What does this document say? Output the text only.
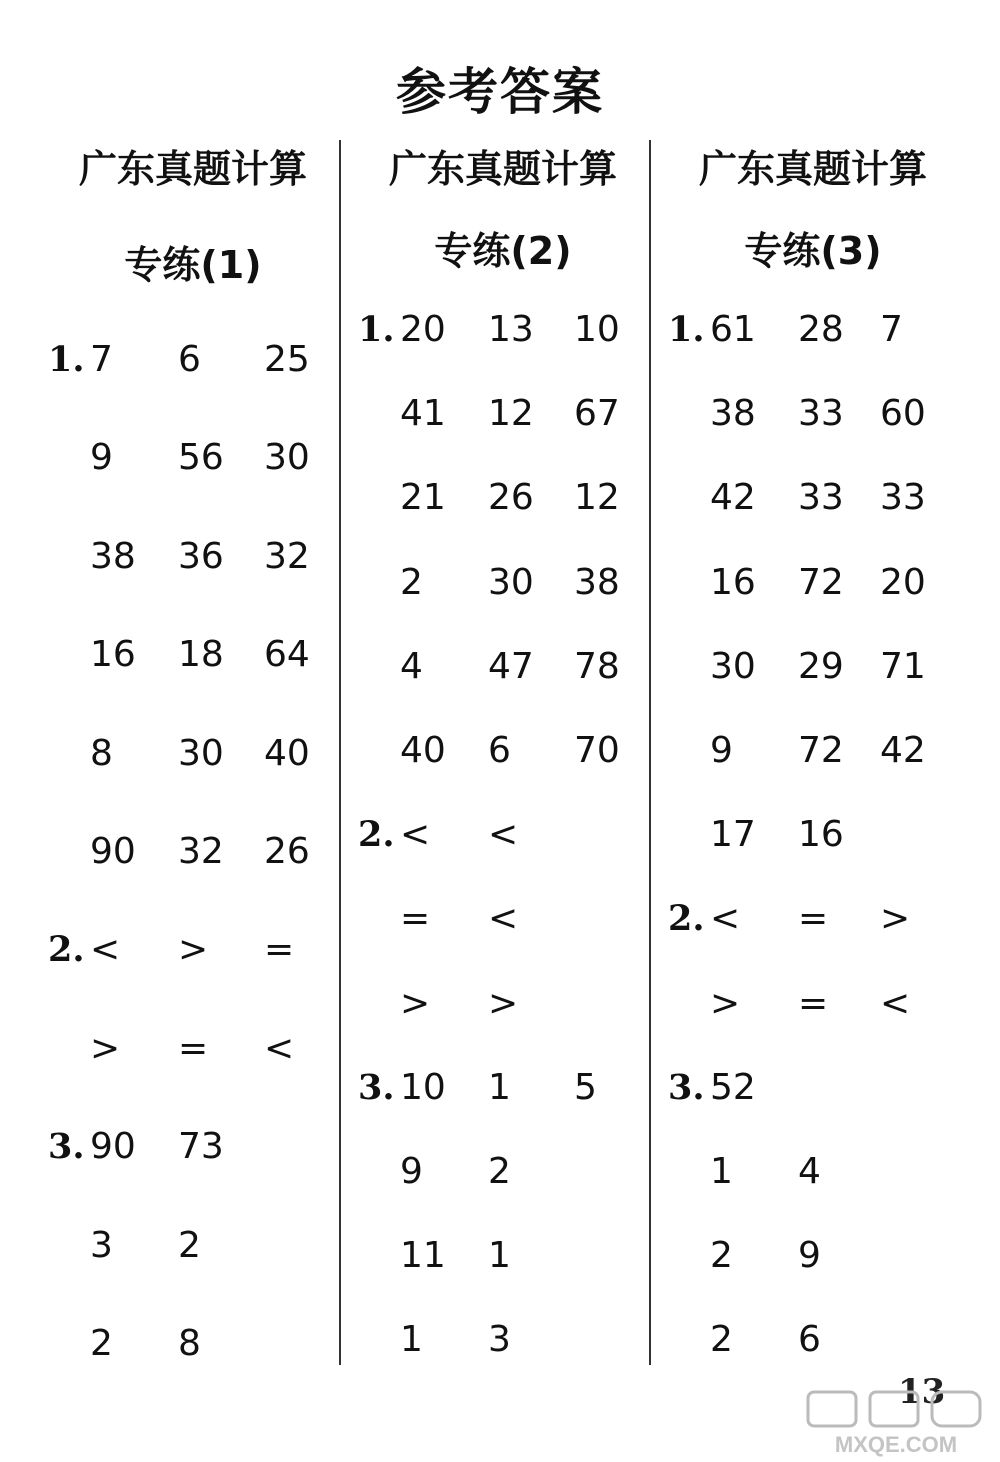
参考答案
广东真题计算
专练(1)
1. 7 6 25
9 56 30
38 36 32
16 18 64
8 30 40
90 32 26
2. < > =
> = <
3. 90 73
3 2
2 8
广东真题计算
专练(2)
1. 20 13 10
41 12 67
21 26 12
2 30 38
4 47 78
40 6 70
2. < <
= <
> >
3. 10 1 5
9 2
11 1
1 3
广东真题计算
专练(3)
1. 61 28 7
38 33 60
42 33 33
16 72 20
30 29 71
9 72 42
17 16
2. < = >
> = <
3. 52
1 4
2 9
2 6
13
MXQE.COM
